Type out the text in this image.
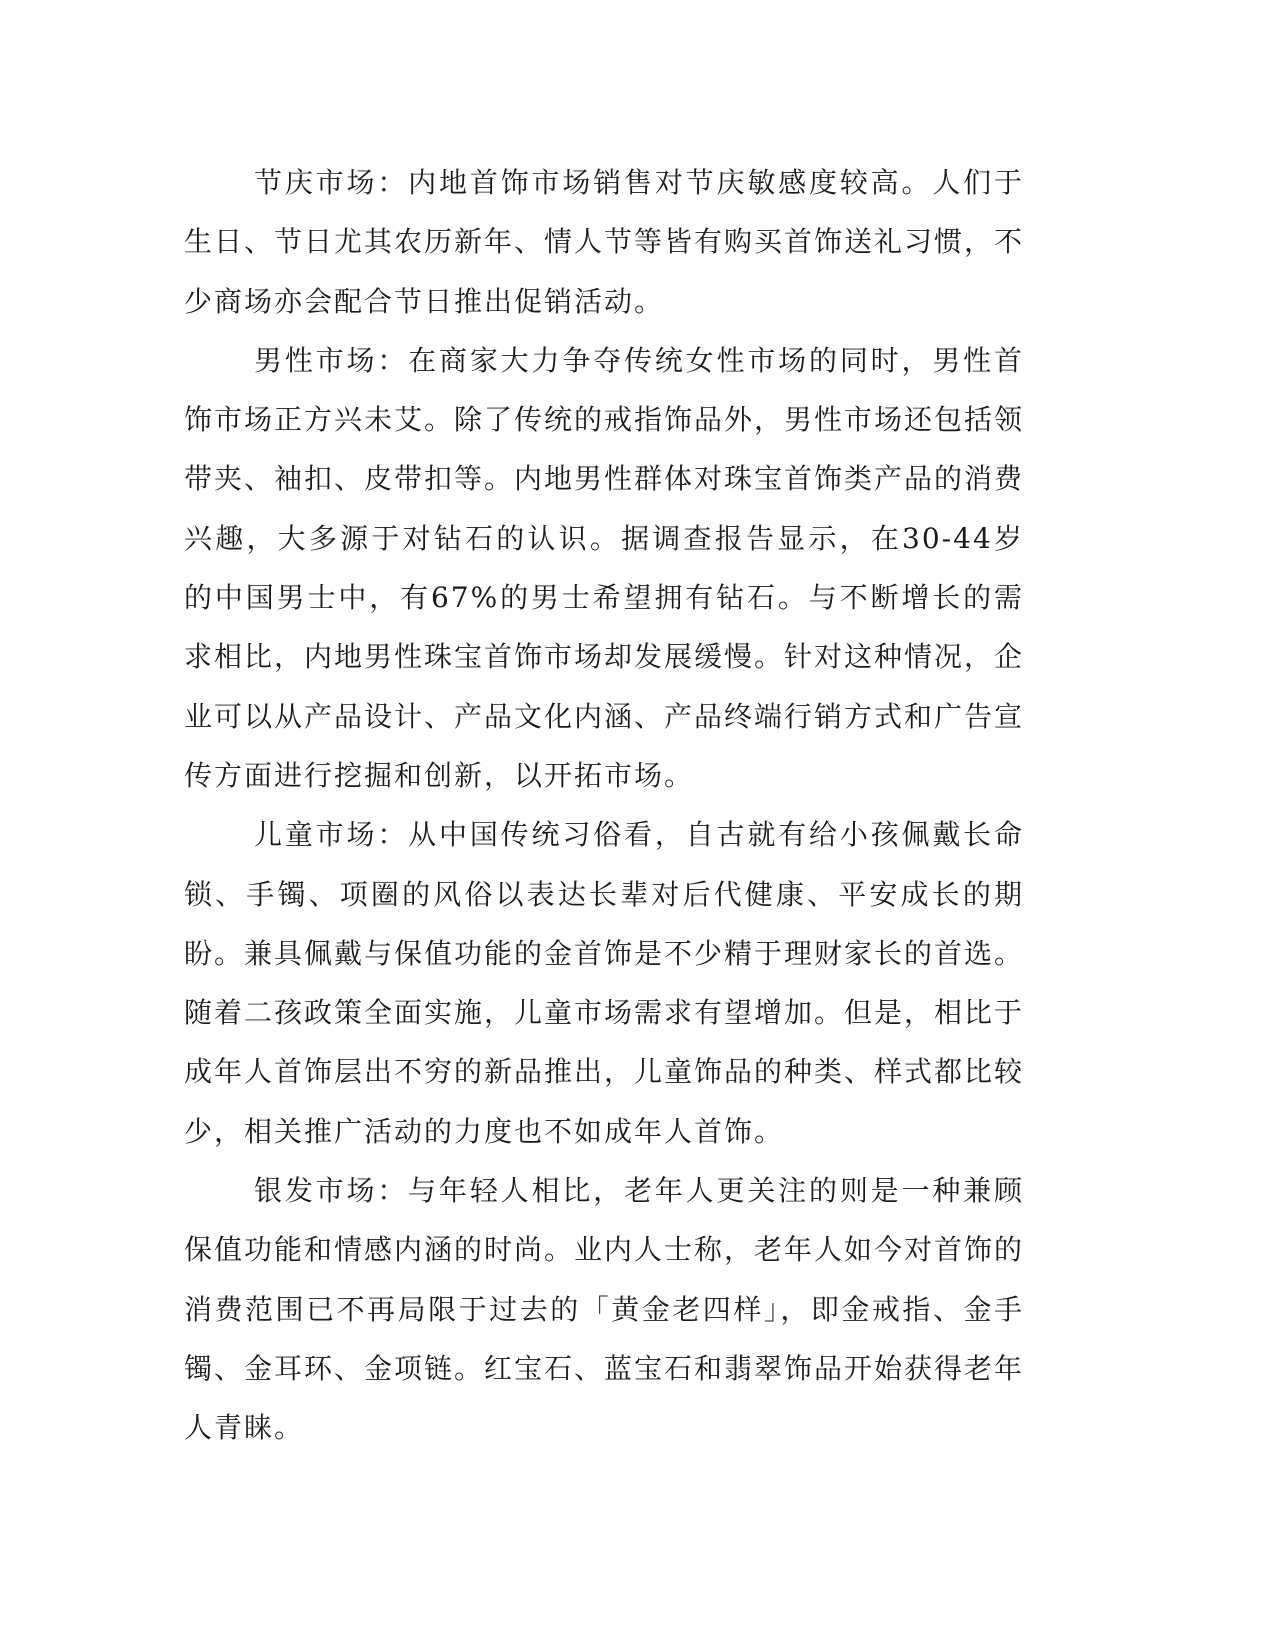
节庆市场：内地首饰市场销售对节庆敏感度较高。人们于生日、节日尤其农历新年、情人节等皆有购买首饰送礼习惯，不少商场亦会配合节日推出促销活动。

男性市场：在商家大力争夺传统女性市场的同时，男性首饰市场正方兴未艾。除了传统的戒指饰品外，男性市场还包括领带夹、袖扣、皮带扣等。内地男性群体对珠宝首饰类产品的消费兴趣，大多源于对钻石的认识。据调查报告显示，在30-44岁的中国男士中，有67%的男士希望拥有钻石。与不断增长的需求相比，内地男性珠宝首饰市场却发展缓慢。针对这种情况，企业可以从产品设计、产品文化内涵、产品终端行销方式和广告宣传方面进行挖掘和创新，以开拓市场。

儿童市场：从中国传统习俗看，自古就有给小孩佩戴长命锁、手镯、项圈的风俗以表达长辈对后代健康、平安成长的期盼。兼具佩戴与保值功能的金首饰是不少精于理财家长的首选。随着二孩政策全面实施，儿童市场需求有望增加。但是，相比于成年人首饰层出不穷的新品推出，儿童饰品的种类、样式都比较少，相关推广活动的力度也不如成年人首饰。

银发市场：与年轻人相比，老年人更关注的则是一种兼顾保值功能和情感内涵的时尚。业内人士称，老年人如今对首饰的消费范围已不再局限于过去的「黄金老四样」，即金戒指、金手镯、金耳环、金项链。红宝石、蓝宝石和翡翠饰品开始获得老年人青睐。
